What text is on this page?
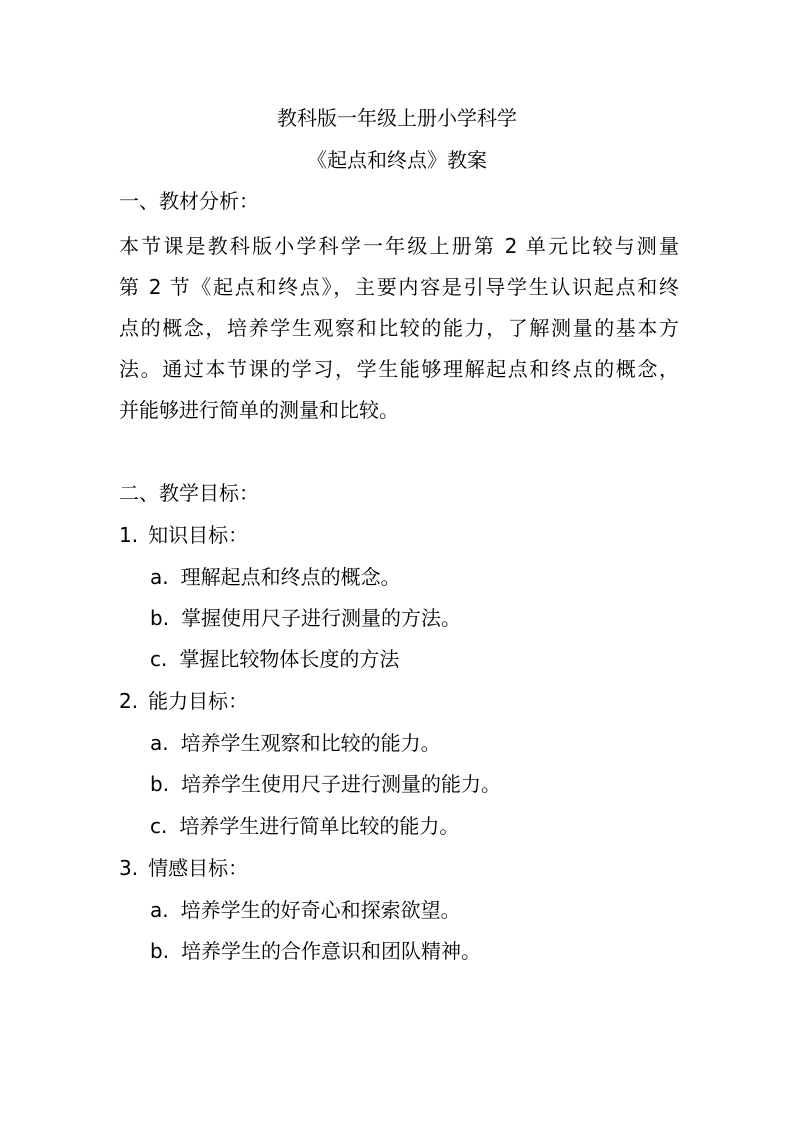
教科版一年级上册小学科学
《起点和终点》教案
一、教材分析：
本节课是教科版小学科学一年级上册第 2 单元比较与测量
第 2 节《起点和终点》，主要内容是引导学生认识起点和终
点的概念，培养学生观察和比较的能力，了解测量的基本方
法。通过本节课的学习，学生能够理解起点和终点的概念，
并能够进行简单的测量和比较。
二、教学目标：
1. 知识目标：
a. 理解起点和终点的概念。
b. 掌握使用尺子进行测量的方法。
c. 掌握比较物体长度的方法
2. 能力目标：
a. 培养学生观察和比较的能力。
b. 培养学生使用尺子进行测量的能力。
c. 培养学生进行简单比较的能力。
3. 情感目标：
a. 培养学生的好奇心和探索欲望。
b. 培养学生的合作意识和团队精神。
